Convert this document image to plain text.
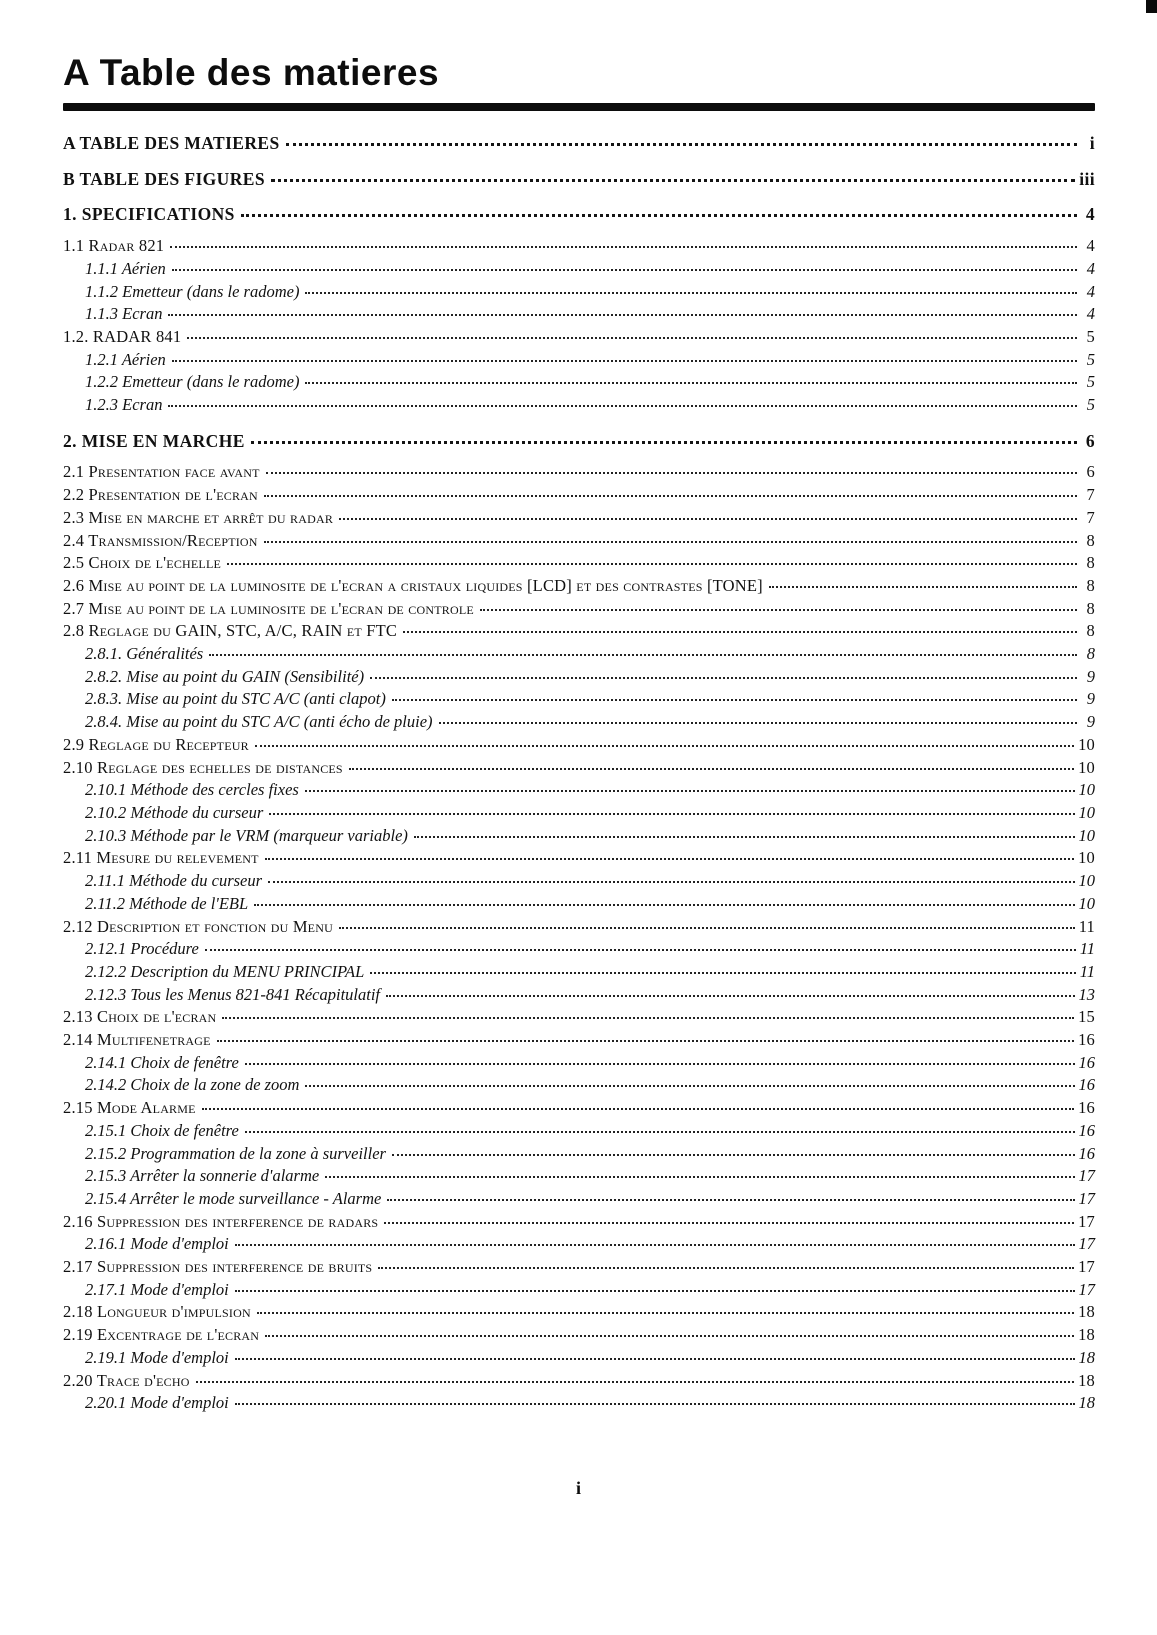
A Table des matieres
A TABLE DES MATIERES	i
B TABLE DES FIGURES	iii
1. SPECIFICATIONS	4
1.1 Radar 821	4
1.1.1 Aérien	4
1.1.2 Emetteur (dans le radome)	4
1.1.3 Ecran	4
1.2. RADAR 841	5
1.2.1 Aérien	5
1.2.2 Emetteur (dans le radome)	5
1.2.3 Ecran	5
2. MISE EN MARCHE	6
2.1 Presentation face avant	6
2.2 Presentation de l'ecran	7
2.3 Mise en marche et arrêt du radar	7
2.4 Transmission/Reception	8
2.5 Choix de l'echelle	8
2.6 Mise au point de la luminosite de l'ecran a cristaux liquides [LCD] et des contrastes [TONE]	8
2.7 Mise au point de la luminosite de l'ecran de controle	8
2.8 Reglage du GAIN, STC, A/C, RAIN et FTC	8
2.8.1. Généralités	8
2.8.2. Mise au point du GAIN (Sensibilité)	9
2.8.3. Mise au point du STC A/C (anti clapot)	9
2.8.4. Mise au point du STC A/C (anti écho de pluie)	9
2.9 Reglage du Recepteur	10
2.10 Reglage des echelles de distances	10
2.10.1 Méthode des cercles fixes	10
2.10.2 Méthode du curseur	10
2.10.3 Méthode par le VRM (marqueur variable)	10
2.11 Mesure du relevement	10
2.11.1 Méthode du curseur	10
2.11.2 Méthode de l'EBL	10
2.12 Description et fonction du Menu	11
2.12.1 Procédure	11
2.12.2 Description du MENU PRINCIPAL	11
2.12.3 Tous les Menus 821-841 Récapitulatif	13
2.13 Choix de l'ecran	15
2.14 Multifenetrage	16
2.14.1 Choix de fenêtre	16
2.14.2 Choix de la zone de zoom	16
2.15 Mode Alarme	16
2.15.1 Choix de fenêtre	16
2.15.2 Programmation de la zone à surveiller	16
2.15.3 Arrêter la sonnerie d'alarme	17
2.15.4 Arrêter le mode surveillance - Alarme	17
2.16 Suppression des interference de radars	17
2.16.1 Mode d'emploi	17
2.17 Suppression des interference de bruits	17
2.17.1 Mode d'emploi	17
2.18 Longueur d'impulsion	18
2.19 Excentrage de l'ecran	18
2.19.1 Mode d'emploi	18
2.20 Trace d'echo	18
2.20.1 Mode d'emploi	18
i
